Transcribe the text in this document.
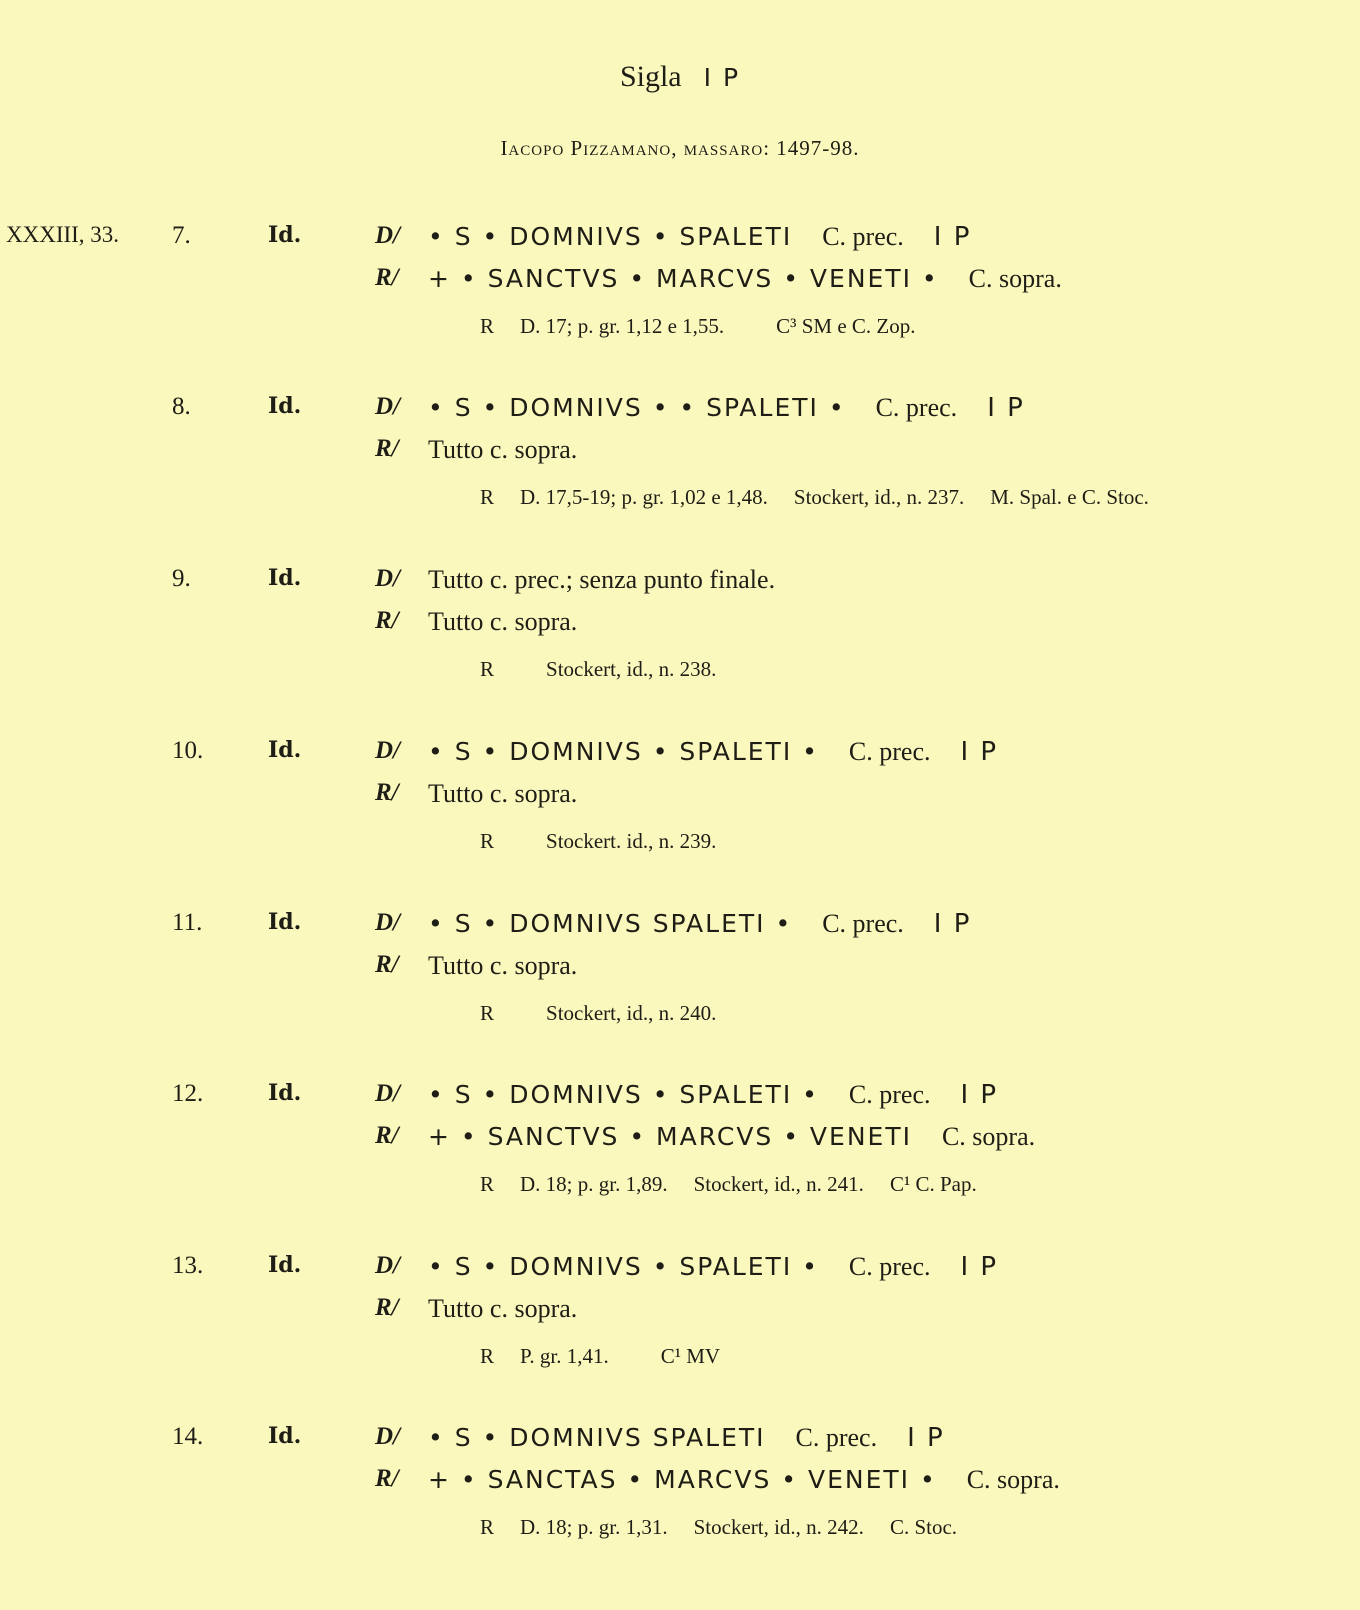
Sigla I P
Iacopo Pizzamano, massaro: 1497-98.
XXXIII, 33. 7.	Id.	D/ • S • DOMNIVS • SPALETI C. prec. I P
R/ + • SANCTVS • MARCVS • VENETI • C. sopra.
R D. 17; p. gr. 1,12 e 1,55. C³ SM e C. Zop.
8.	Id.	D/ • S • DOMNIVS • • SPALETI • C. prec. I P
R/ Tutto c. sopra.
R D. 17,5-19; p. gr. 1,02 e 1,48. Stockert, id., n. 237. M. Spal. e C. Stoc.
9.	Id.	D/ Tutto c. prec.; senza punto finale.
R/ Tutto c. sopra.
R Stockert, id., n. 238.
10.	Id.	D/ • S • DOMNIVS • SPALETI • C. prec. I P
R/ Tutto c. sopra.
R Stockert. id., n. 239.
11.	Id.	D/ • S • DOMNIVS SPALETI • C. prec. I P
R/ Tutto c. sopra.
R Stockert, id., n. 240.
12.	Id.	D/ • S • DOMNIVS • SPALETI • C. prec. I P
R/ + • SANCTVS • MARCVS • VENETI C. sopra.
R D. 18; p. gr. 1,89. Stockert, id., n. 241. C¹ C. Pap.
13.	Id.	D/ • S • DOMNIVS • SPALETI • C. prec. I P
R/ Tutto c. sopra.
R P. gr. 1,41. C¹ MV
14.	Id.	D/ • S • DOMNIVS SPALETI C. prec. I P
R/ + • SANCTAS • MARCVS • VENETI • C. sopra.
R D. 18; p. gr. 1,31. Stockert, id., n. 242. C. Stoc.
